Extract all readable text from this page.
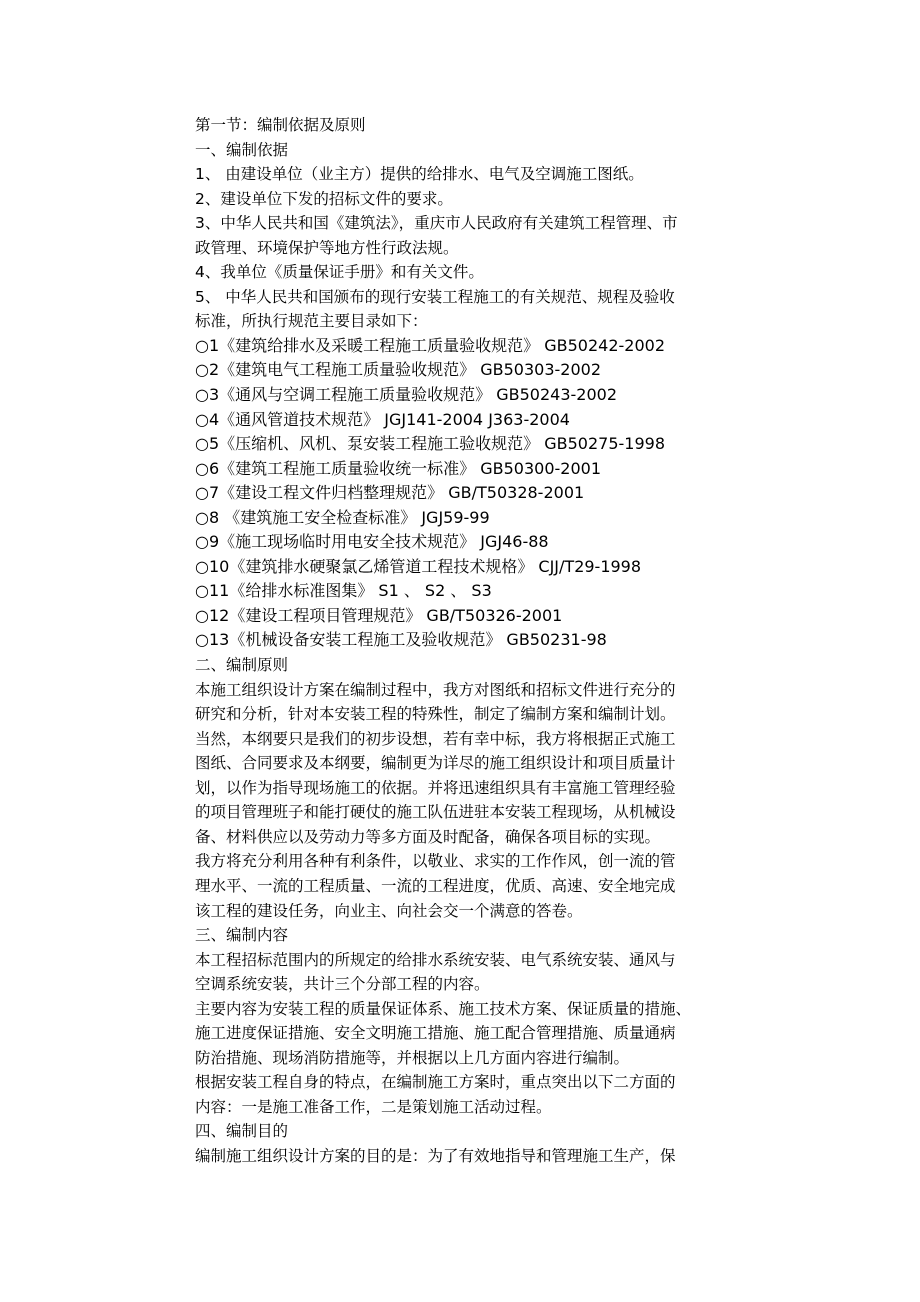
第一节：编制依据及原则

一、编制依据

1、 由建设单位（业主方）提供的给排水、电气及空调施工图纸。

2、建设单位下发的招标文件的要求。

3、中华人民共和国《建筑法》，重庆市人民政府有关建筑工程管理、市

政管理、环境保护等地方性行政法规。

4、我单位《质量保证手册》和有关文件。

5、 中华人民共和国颁布的现行安装工程施工的有关规范、规程及验收

标准，所执行规范主要目录如下：

○1《建筑给排水及采暖工程施工质量验收规范》 GB50242-2002

○2《建筑电气工程施工质量验收规范》 GB50303-2002

○3《通风与空调工程施工质量验收规范》 GB50243-2002

○4《通风管道技术规范》 JGJ141-2004 J363-2004

○5《压缩机、风机、泵安装工程施工验收规范》 GB50275-1998

○6《建筑工程施工质量验收统一标准》 GB50300-2001

○7《建设工程文件归档整理规范》 GB/T50328-2001

○8 《建筑施工安全检查标准》 JGJ59-99

○9《施工现场临时用电安全技术规范》 JGJ46-88

○10《建筑排水硬聚氯乙烯管道工程技术规格》 CJJ/T29-1998

○11《给排水标准图集》 S1 、 S2 、 S3

○12《建设工程项目管理规范》 GB/T50326-2001

○13《机械设备安装工程施工及验收规范》 GB50231-98

二、编制原则

本施工组织设计方案在编制过程中，我方对图纸和招标文件进行充分的

研究和分析，针对本安装工程的特殊性，制定了编制方案和编制计划。

当然，本纲要只是我们的初步设想，若有幸中标，我方将根据正式施工

图纸、合同要求及本纲要，编制更为详尽的施工组织设计和项目质量计

划，以作为指导现场施工的依据。并将迅速组织具有丰富施工管理经验

的项目管理班子和能打硬仗的施工队伍进驻本安装工程现场，从机械设

备、材料供应以及劳动力等多方面及时配备，确保各项目标的实现。

我方将充分利用各种有利条件，以敬业、求实的工作作风，创一流的管

理水平、一流的工程质量、一流的工程进度，优质、高速、安全地完成

该工程的建设任务，向业主、向社会交一个满意的答卷。

三、编制内容

本工程招标范围内的所规定的给排水系统安装、电气系统安装、通风与

空调系统安装，共计三个分部工程的内容。

主要内容为安装工程的质量保证体系、施工技术方案、保证质量的措施、

施工进度保证措施、安全文明施工措施、施工配合管理措施、质量通病

防治措施、现场消防措施等，并根据以上几方面内容进行编制。

根据安装工程自身的特点，在编制施工方案时，重点突出以下二方面的

内容：一是施工准备工作，二是策划施工活动过程。

四、编制目的

编制施工组织设计方案的目的是：为了有效地指导和管理施工生产，保
